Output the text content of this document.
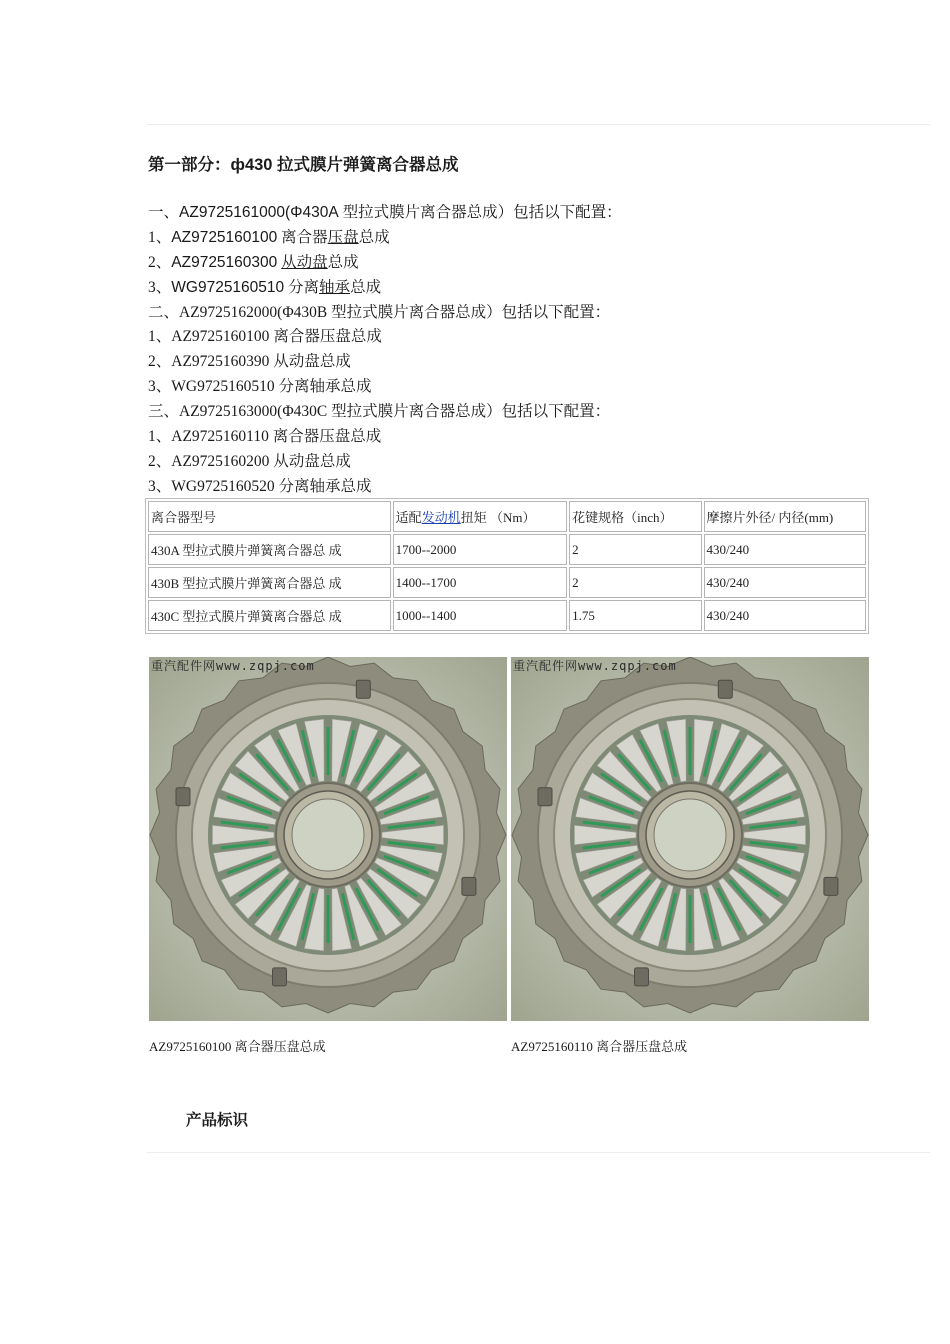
第一部分：ф430 拉式膜片弹簧离合器总成
一、AZ9725161000(Φ430A 型拉式膜片离合器总成）包括以下配置：
1、AZ9725160100 离合器压盘总成
2、AZ9725160300 从动盘总成
3、WG9725160510 分离轴承总成
二、AZ9725162000(Φ430B 型拉式膜片离合器总成）包括以下配置：
1、AZ9725160100 离合器压盘总成
2、AZ9725160390 从动盘总成
3、WG9725160510 分离轴承总成
三、AZ9725163000(Φ430C 型拉式膜片离合器总成）包括以下配置：
1、AZ9725160110 离合器压盘总成
2、AZ9725160200 从动盘总成
3、WG9725160520 分离轴承总成
离合器型号	适配发动机扭矩 （Nm）	花键规格（inch）	摩擦片外径/ 内径(mm)
430A 型拉式膜片弹簧离合器总 成	1700--2000	2	430/240
430B 型拉式膜片弹簧离合器总 成	1400--1700	2	430/240
430C 型拉式膜片弹簧离合器总 成	1000--1400	1.75	430/240
重汽配件网www.zqpj.com	重汽配件网www.zqpj.com
AZ9725160100 离合器压盘总成	AZ9725160110 离合器压盘总成
产品标识
